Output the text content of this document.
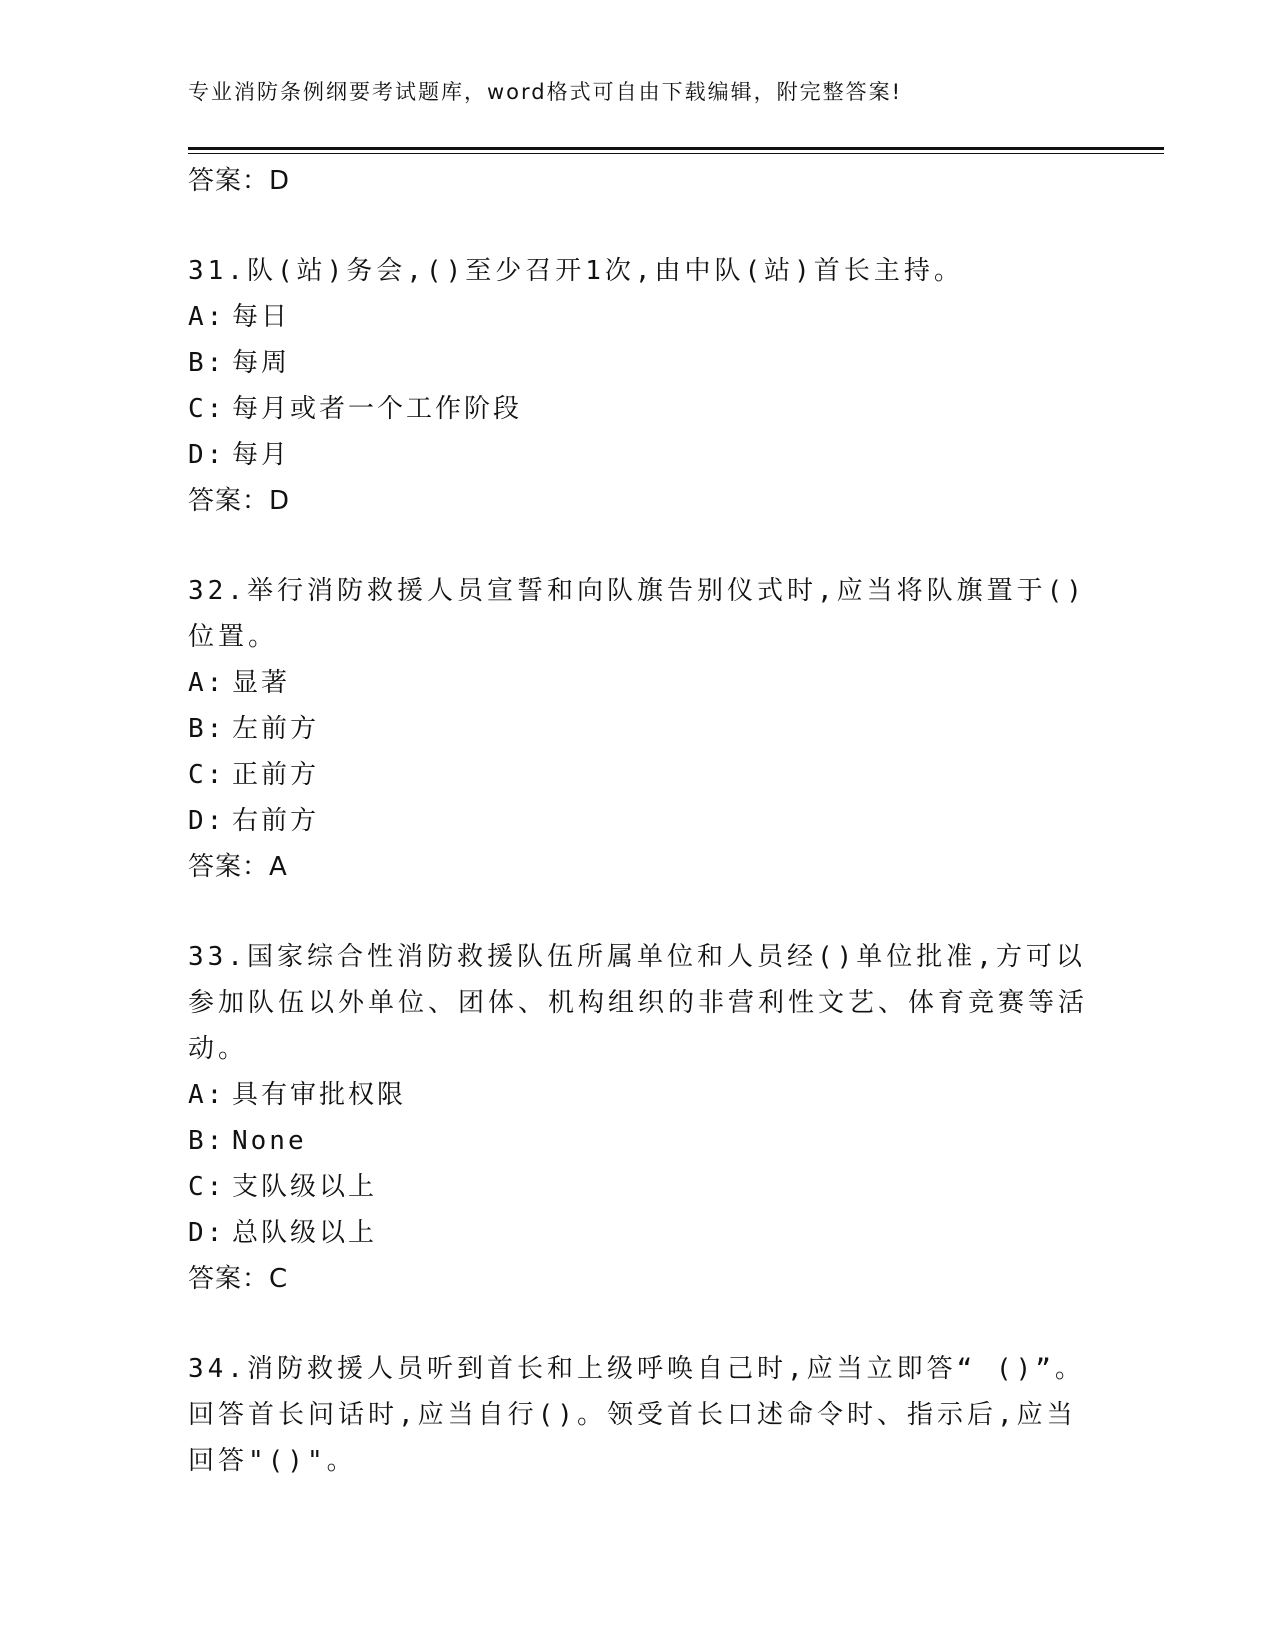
专业消防条例纲要考试题库，word格式可自由下载编辑，附完整答案!
答案：D
31.队(站)务会,()至少召开1次,由中队(站)首长主持。
A: 每日
B: 每周
C: 每月或者一个工作阶段
D: 每月
答案：D
32.举行消防救援人员宣誓和向队旗告别仪式时,应当将队旗置于()位置。
A: 显著
B: 左前方
C: 正前方
D: 右前方
答案：A
33.国家综合性消防救援队伍所属单位和人员经()单位批准,方可以 参加队伍以外单位、团体、机构组织的非营利性文艺、体育竞赛等活动。
A: 具有审批权限
B: None
C: 支队级以上
D: 总队级以上
答案：C
34.消防救援人员听到首长和上级呼唤自己时,应当立即答“ ()”。回答首长问话时,应当自行()。领受首长口述命令时、指示后,应当回答"()"。
